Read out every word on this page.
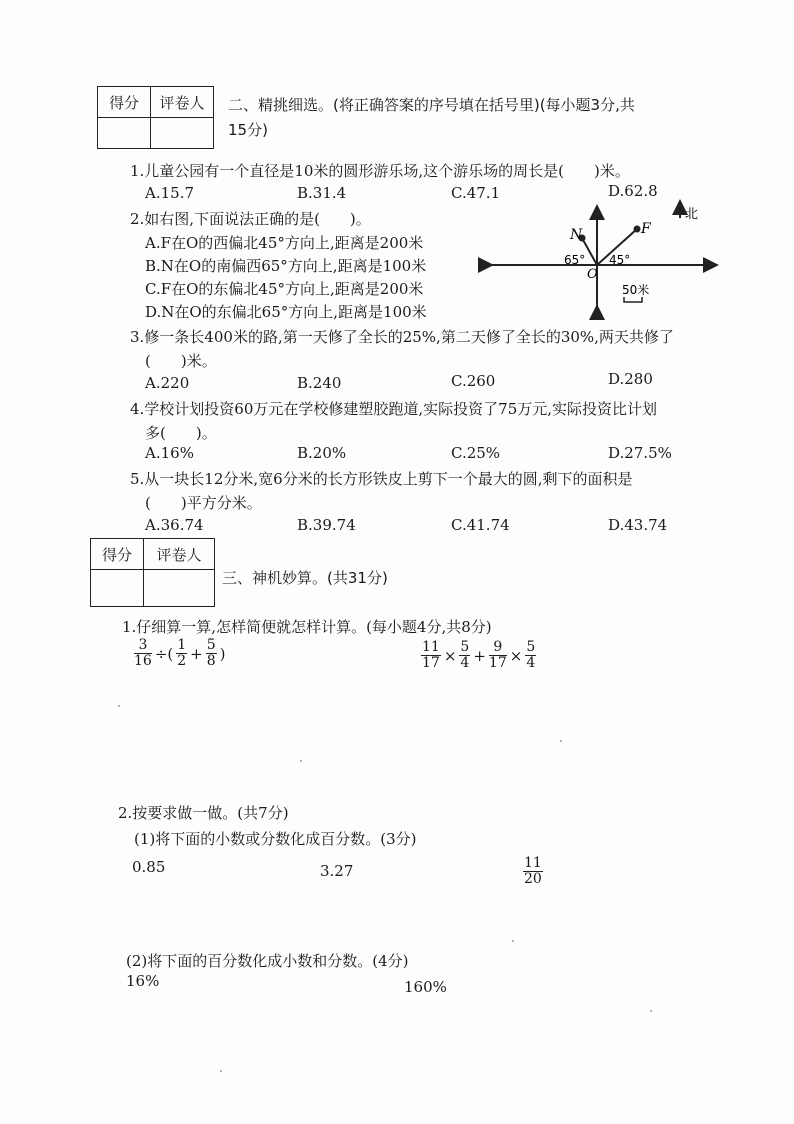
得分	评卷人
	二、精挑细选。(将正确答案的序号填在括号里)(每小题3分,共
15分)
1.儿童公园有一个直径是10米的圆形游乐场,这个游乐场的周长是(　　)米。
A.15.7	B.31.4	C.47.1	D.62.8
2.如右图,下面说法正确的是(　　)。
A.F在O的西偏北45°方向上,距离是200米
B.N在O的南偏西65°方向上,距离是100米
C.F在O的东偏北45°方向上,距离是200米
D.N在O的东偏北65°方向上,距离是100米
N	F
O
65° 45°
北
50米
3.修一条长400米的路,第一天修了全长的25%,第二天修了全长的30%,两天共修了
(　　)米。
A.220	B.240	C.260	D.280
4.学校计划投资60万元在学校修建塑胶跑道,实际投资了75万元,实际投资比计划
多(　　)。
A.16%	B.20%	C.25%	D.27.5%
5.从一块长12分米,宽6分米的长方形铁皮上剪下一个最大的圆,剩下的面积是
(　　)平方分米。
A.36.74	B.39.74	C.41.74	D.43.74
得分	评卷人

三、神机妙算。(共31分)
1.仔细算一算,怎样简便就怎样计算。(每小题4分,共8分)
$\frac{3}{16}$ ÷( $\frac{1}{2} + \frac{5}{8}$ )	$\frac{11}{17} \times \frac{5}{4} + \frac{9}{17} \times \frac{5}{4}$
2.按要求做一做。(共7分)
(1)将下面的小数或分数化成百分数。(3分)
0.85	3.27	$\frac{11}{20}$
(2)将下面的百分数化成小数和分数。(4分)
16%	160%
